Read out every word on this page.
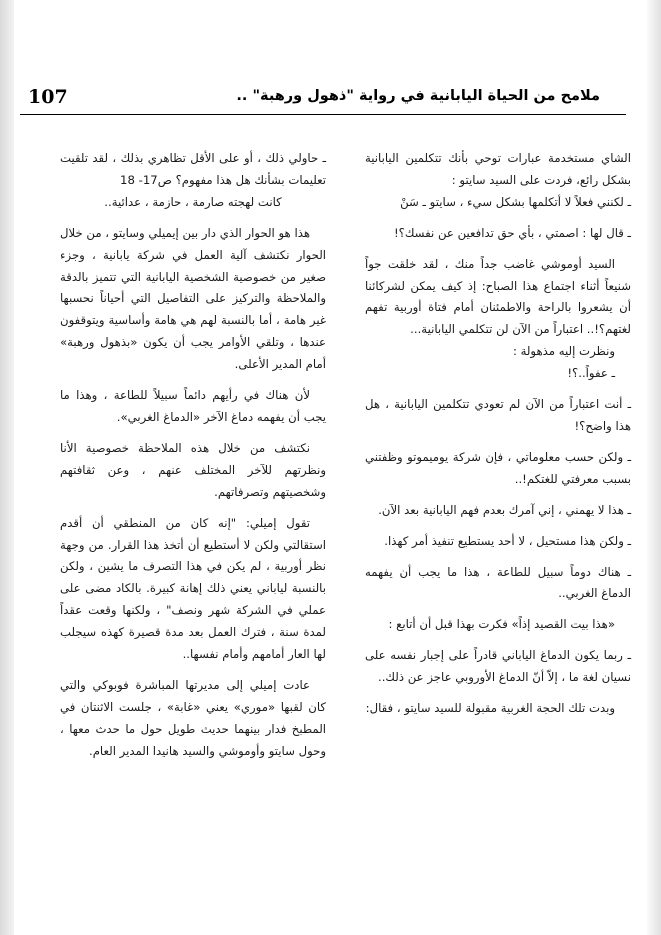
107	ملامح من الحياة اليابانية في رواية "ذهول ورهبة" ..

الشاي مستخدمة عبارات توحي بأنك تتكلمين اليابانية بشكل رائع، فردت على السيد سايتو :

ـ لكنني فعلاً لا أتكلمها بشكل سيء ، سايتو ـ سَنْ

ـ قال لها : اصمتي ، بأي حق تدافعين عن نفسك؟!

السيد أوموشي غاضب جداً منك ، لقد خلقت جواً شنيعاً أثناء اجتماع هذا الصباح: إذ كيف يمكن لشركائنا أن يشعروا بالراحة والاطمئنان أمام فتاة أوربية تفهم لغتهم؟!.. اعتباراً من الآن لن تتكلمي اليابانية...

ونظرت إليه مذهولة :

ـ عفواً..؟!

ـ أنت اعتباراً من الآن لم تعودي تتكلمين اليابانية ، هل هذا واضح؟!

ـ ولكن حسب معلوماتي ، فإن شركة يوميموتو وظفتني بسبب معرفتي للغتكم!..

ـ هذا لا يهمني ، إني آمرك بعدم فهم اليابانية بعد الآن.

ـ ولكن هذا مستحيل ، لا أحد يستطيع تنفيذ أمر كهذا.

ـ هناك دوماً سبيل للطاعة ، هذا ما يجب أن يفهمه الدماغ الغربي..

«هذا بيت القصيد إذاً» فكرت بهذا قبل أن أتابع :

ـ ربما يكون الدماغ الياباني قادراً على إجبار نفسه على نسيان لغة ما ، إلاّ أنّ الدماغ الأوروبي عاجز عن ذلك..

وبدت تلك الحجة الغربية مقبولة للسيد سايتو ، فقال:

ـ حاولي ذلك ، أو على الأقل تظاهري بذلك ، لقد تلقيت تعليمات بشأنك هل هذا مفهوم؟ ص17- 18

كانت لهجته صارمة ، حازمة ، عدائية..

هذا هو الحوار الذي دار بين إيميلي وسايتو ، من خلال الحوار نكتشف آلية العمل في شركة يابانية ، وجزء صغير من خصوصية الشخصية اليابانية التي تتميز بالدقة والملاحظة والتركيز على التفاصيل التي أحياناً نحسبها غير هامة ، أما بالنسبة لهم هي هامة وأساسية ويتوقفون عندها ، وتلقي الأوامر يجب أن يكون «بذهول ورهبة» أمام المدير الأعلى.

لأن هناك في رأيهم دائماً سبيلاً للطاعة ، وهذا ما يجب أن يفهمه دماغ الآخر «الدماغ الغربي».

نكتشف من خلال هذه الملاحظة خصوصية الأنا ونظرتهم للآخر المختلف عنهم ، وعن ثقافتهم وشخصيتهم وتصرفاتهم.

تقول إميلي: "إنه كان من المنطقي أن أقدم استقالتي ولكن لا أستطيع أن أتخذ هذا القرار. من وجهة نظر أوربية ، لم يكن في هذا التصرف ما يشين ، ولكن بالنسبة لياباني يعني ذلك إهانة كبيرة. بالكاد مضى على عملي في الشركة شهر ونصف" ، ولكنها وقعت عقداً لمدة سنة ، فترك العمل بعد مدة قصيرة كهذه سيجلب لها العار أمامهم وأمام نفسها..

عادت إميلي إلى مديرتها المباشرة فوبوكي والتي كان لقبها «موري» يعني «غابة» ، جلست الاثنتان في المطبخ فدار بينهما حديث طويل حول ما حدث معها ، وحول سايتو وأوموشي والسيد هانيدا المدير العام.
